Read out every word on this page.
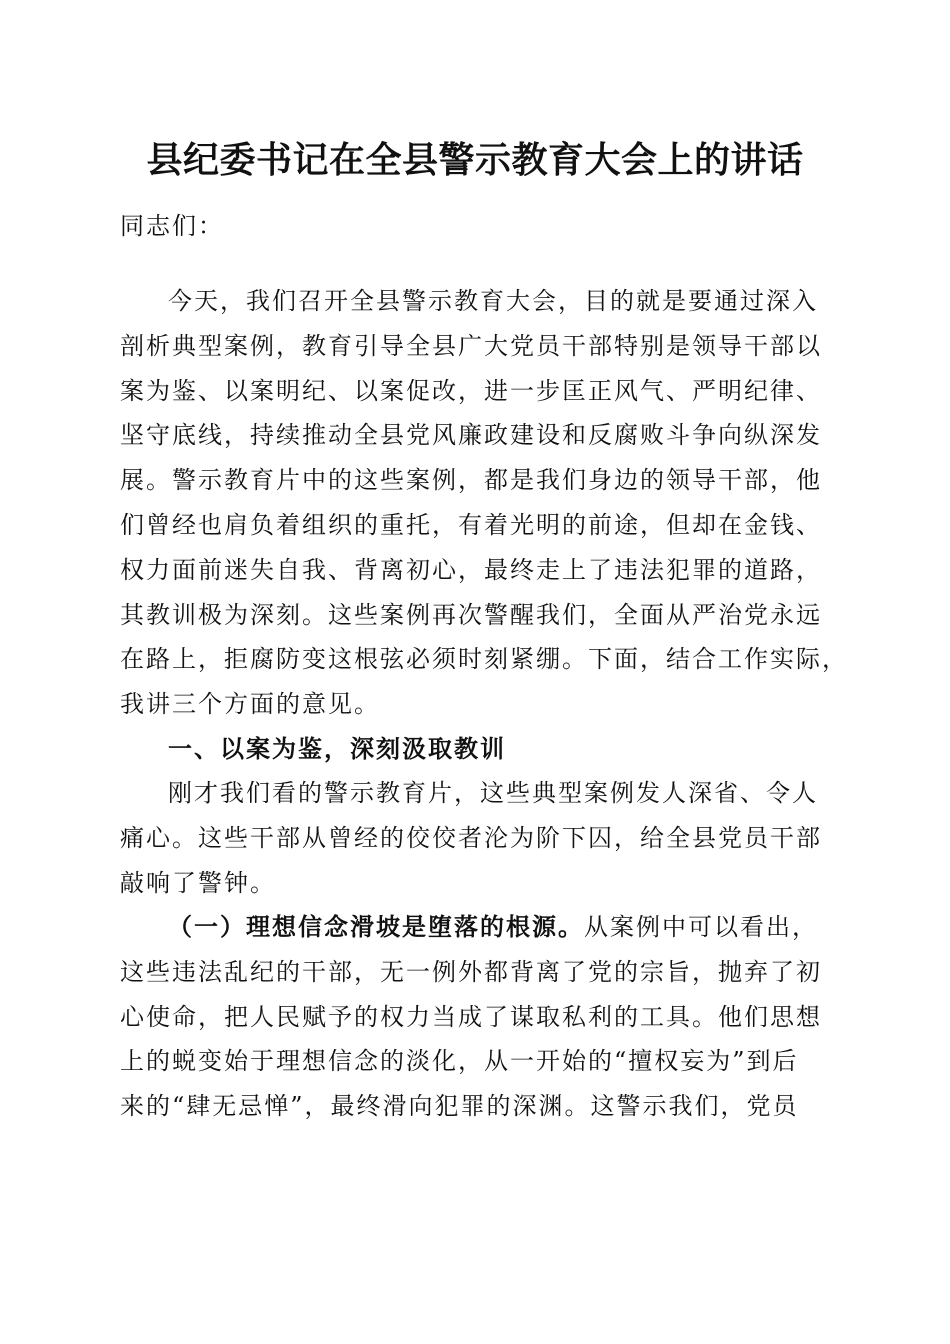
县纪委书记在全县警示教育大会上的讲话
同志们：
今天，我们召开全县警示教育大会，目的就是要通过深入
剖析典型案例，教育引导全县广大党员干部特别是领导干部以
案为鉴、以案明纪、以案促改，进一步匡正风气、严明纪律、
坚守底线，持续推动全县党风廉政建设和反腐败斗争向纵深发
展。警示教育片中的这些案例，都是我们身边的领导干部，他
们曾经也肩负着组织的重托，有着光明的前途，但却在金钱、
权力面前迷失自我、背离初心，最终走上了违法犯罪的道路，
其教训极为深刻。这些案例再次警醒我们，全面从严治党永远
在路上，拒腐防变这根弦必须时刻紧绷。下面，结合工作实际，
我讲三个方面的意见。
一、以案为鉴，深刻汲取教训
刚才我们看的警示教育片，这些典型案例发人深省、令人
痛心。这些干部从曾经的佼佼者沦为阶下囚，给全县党员干部
敲响了警钟。
（一）理想信念滑坡是堕落的根源。从案例中可以看出，
这些违法乱纪的干部，无一例外都背离了党的宗旨，抛弃了初
心使命，把人民赋予的权力当成了谋取私利的工具。他们思想
上的蜕变始于理想信念的淡化，从一开始的“擅权妄为”到后
来的“肆无忌惮”，最终滑向犯罪的深渊。这警示我们，党员
